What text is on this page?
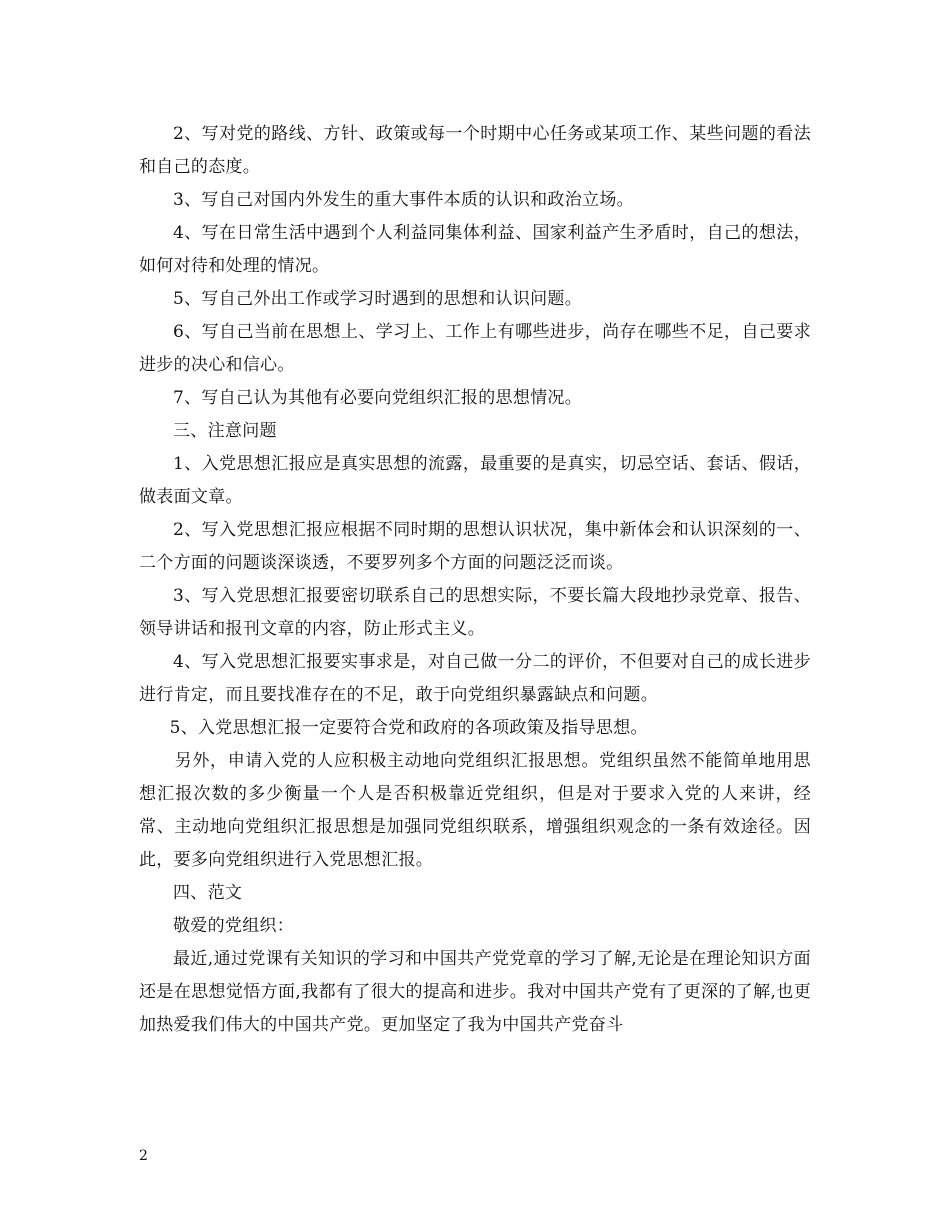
2、写对党的路线、方针、政策或每一个时期中心任务或某项工作、某些问题的看法和自己的态度。

3、写自己对国内外发生的重大事件本质的认识和政治立场。

4、写在日常生活中遇到个人利益同集体利益、国家利益产生矛盾时，自己的想法，如何对待和处理的情况。

5、写自己外出工作或学习时遇到的思想和认识问题。

6、写自己当前在思想上、学习上、工作上有哪些进步，尚存在哪些不足，自己要求进步的决心和信心。

7、写自己认为其他有必要向党组织汇报的思想情况。

三、注意问题

1、入党思想汇报应是真实思想的流露，最重要的是真实，切忌空话、套话、假话，做表面文章。

2、写入党思想汇报应根据不同时期的思想认识状况，集中新体会和认识深刻的一、二个方面的问题谈深谈透，不要罗列多个方面的问题泛泛而谈。

3、写入党思想汇报要密切联系自己的思想实际，不要长篇大段地抄录党章、报告、领导讲话和报刊文章的内容，防止形式主义。

4、写入党思想汇报要实事求是，对自己做一分二的评价，不但要对自己的成长进步进行肯定，而且要找准存在的不足，敢于向党组织暴露缺点和问题。

5、入党思想汇报一定要符合党和政府的各项政策及指导思想。

另外，申请入党的人应积极主动地向党组织汇报思想。党组织虽然不能简单地用思想汇报次数的多少衡量一个人是否积极靠近党组织，但是对于要求入党的人来讲，经常、主动地向党组织汇报思想是加强同党组织联系，增强组织观念的一条有效途径。因此，要多向党组织进行入党思想汇报。

四、范文

敬爱的党组织：

最近,通过党课有关知识的学习和中国共产党党章的学习了解,无论是在理论知识方面还是在思想觉悟方面,我都有了很大的提高和进步。我对中国共产党有了更深的了解,也更加热爱我们伟大的中国共产党。更加坚定了我为中国共产党奋斗

2
